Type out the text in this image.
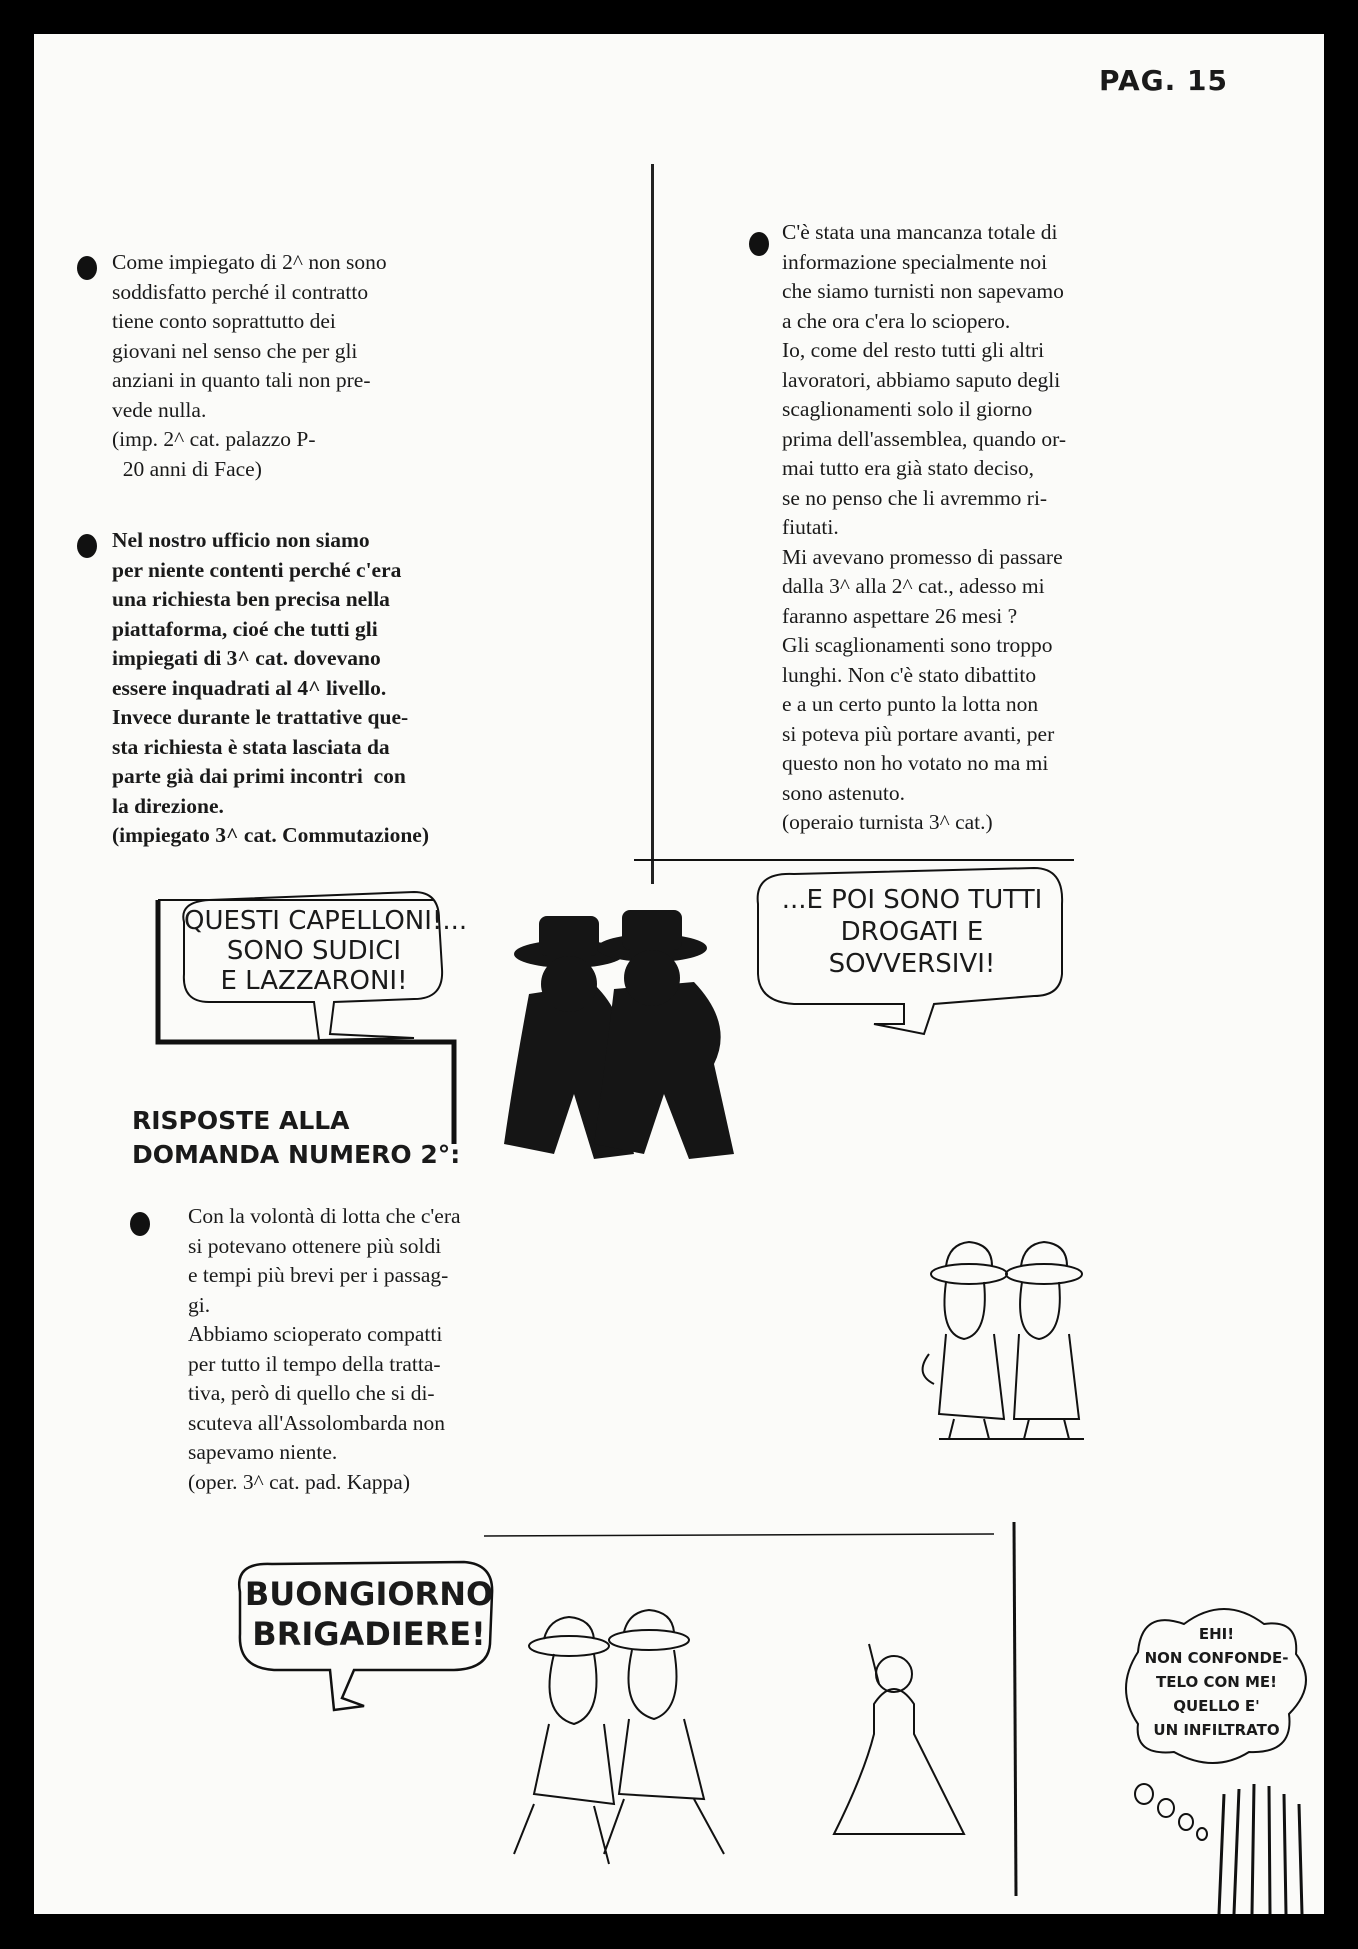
PAG. 15
Come impiegato di 2^ non sono
soddisfatto perché il contratto
tiene conto soprattutto dei
giovani nel senso che per gli
anziani in quanto tali non pre-
vede nulla.
(imp. 2^ cat. palazzo P-
20 anni di Face)
Nel nostro ufficio non siamo
per niente contenti perché c'era
una richiesta ben precisa nella
piattaforma, cioé che tutti gli
impiegati di 3^ cat. dovevano
essere inquadrati al 4^ livello.
Invece durante le trattative que-
sta richiesta è stata lasciata da
parte già dai primi incontri  con
la direzione.
(impiegato 3^ cat. Commutazione)
C'è stata una mancanza totale di
informazione specialmente noi
che siamo turnisti non sapevamo
a che ora c'era lo sciopero.
Io, come del resto tutti gli altri
lavoratori, abbiamo saputo degli
scaglionamenti solo il giorno
prima dell'assemblea, quando or-
mai tutto era già stato deciso,
se no penso che li avremmo ri-
fiutati.
Mi avevano promesso di passare
dalla 3^ alla 2^ cat., adesso mi
faranno aspettare 26 mesi ?
Gli scaglionamenti sono troppo
lunghi. Non c'è stato dibattito
e a un certo punto la lotta non
si poteva più portare avanti, per
questo non ho votato no ma mi
sono astenuto.
(operaio turnista 3^ cat.)
Con la volontà di lotta che c'era
si potevano ottenere più soldi
e tempi più brevi per i passag-
gi.
Abbiamo scioperato compatti
per tutto il tempo della tratta-
tiva, però di quello che si di-
scuteva all'Assolombarda non
sapevamo niente.
(oper. 3^ cat. pad. Kappa)
RISPOSTE ALLA
DOMANDA NUMERO 2°:
QUESTI CAPELLONI!...
SONO SUDICI
E LAZZARONI!
...E POI SONO TUTTI
DROGATI E
SOVVERSIVI!
BUONGIORNO
BRIGADIERE!	EHI!
NON CONFONDE-
TELO CON ME!
QUELLO E'
UN INFILTRATO
